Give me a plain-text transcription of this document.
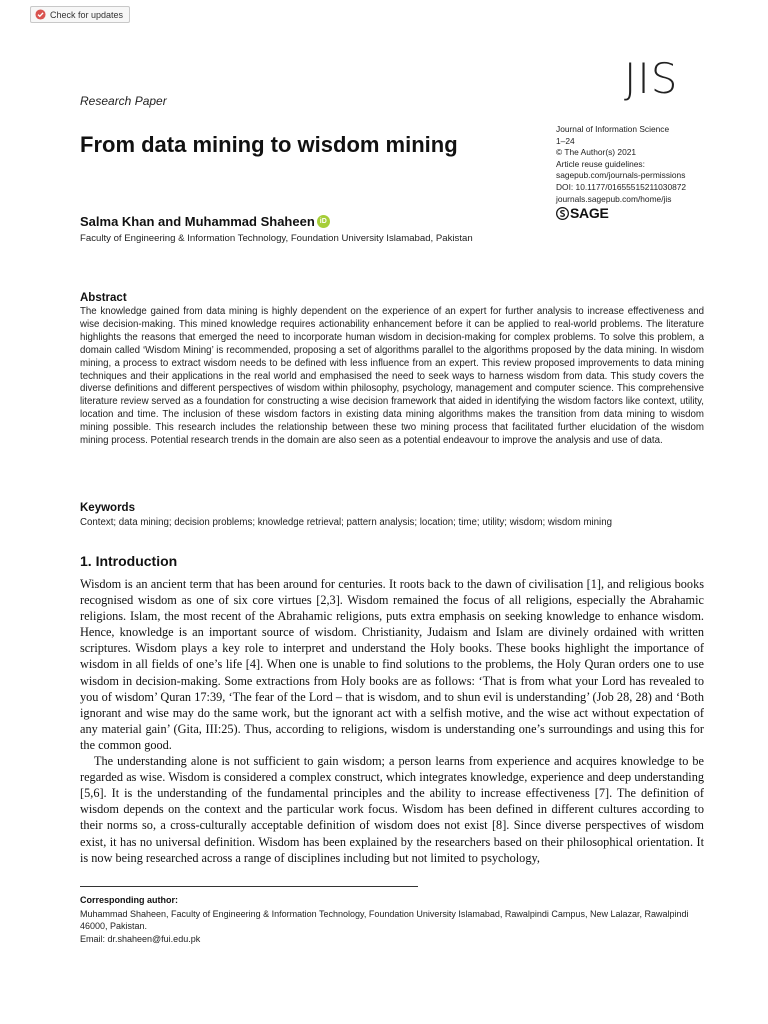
Check for updates
JIS
Research Paper
From data mining to wisdom mining
Journal of Information Science
1–24
© The Author(s) 2021
Article reuse guidelines:
sagepub.com/journals-permissions
DOI: 10.1177/01655515211030872
journals.sagepub.com/home/jis
SAGE
Salma Khan and Muhammad Shaheen iD
Faculty of Engineering & Information Technology, Foundation University Islamabad, Pakistan
Abstract
The knowledge gained from data mining is highly dependent on the experience of an expert for further analysis to increase effectiveness and wise decision-making. This mined knowledge requires actionability enhancement before it can be applied to real-world problems. The literature highlights the reasons that emerged the need to incorporate human wisdom in decision-making for complex problems. To solve this problem, a domain called ‘Wisdom Mining’ is recommended, proposing a set of algorithms parallel to the algorithms proposed by the data mining. In wisdom mining, a process to extract wisdom needs to be defined with less influence from an expert. This review proposed improvements to data mining techniques and their applications in the real world and emphasised the need to seek ways to harness wisdom from data. This study covers the diverse definitions and different perspectives of wisdom within philosophy, psychology, management and computer science. This comprehensive literature review served as a foundation for constructing a wise decision framework that aided in identifying the wisdom factors like context, utility, location and time. The inclusion of these wisdom factors in existing data mining algorithms makes the transition from data mining to wisdom mining possible. This research includes the relationship between these two mining process that facilitated further elucidation of the wisdom mining process. Potential research trends in the domain are also seen as a potential endeavour to improve the analysis and use of data.
Keywords
Context; data mining; decision problems; knowledge retrieval; pattern analysis; location; time; utility; wisdom; wisdom mining
1. Introduction

Wisdom is an ancient term that has been around for centuries. It roots back to the dawn of civilisation [1], and religious books recognised wisdom as one of six core virtues [2,3]. Wisdom remained the focus of all religions, especially the Abrahamic religions. Islam, the most recent of the Abrahamic religions, puts extra emphasis on seeking knowledge to enhance wisdom. Hence, knowledge is an important source of wisdom. Christianity, Judaism and Islam are divinely ordained with written scriptures. Wisdom plays a key role to interpret and understand the Holy books. These books highlight the importance of wisdom in all fields of one’s life [4]. When one is unable to find solutions to the problems, the Holy Quran orders one to use wisdom in decision-making. Some extractions from Holy books are as follows: ‘That is from what your Lord has revealed to you of wisdom’ Quran 17:39, ‘The fear of the Lord – that is wisdom, and to shun evil is understanding’ (Job 28, 28) and ‘Both ignorant and wise may do the same work, but the ignorant act with a selfish motive, and the wise act without expectation of any material gain’ (Gita, III:25). Thus, according to religions, wisdom is understanding one’s surroundings and using this for the common good.

The understanding alone is not sufficient to gain wisdom; a person learns from experience and acquires knowledge to be regarded as wise. Wisdom is considered a complex construct, which integrates knowledge, experience and deep understanding [5,6]. It is the understanding of the fundamental principles and the ability to increase effectiveness [7]. The definition of wisdom depends on the context and the particular work focus. Wisdom has been defined in different cultures according to their norms so, a cross-culturally acceptable definition of wisdom does not exist [8]. Since diverse perspectives of wisdom exist, it has no universal definition. Wisdom has been explained by the researchers based on their philosophical orientation. It is now being researched across a range of disciplines including but not limited to psychology,

Corresponding author:
Muhammad Shaheen, Faculty of Engineering & Information Technology, Foundation University Islamabad, Rawalpindi Campus, New Lalazar, Rawalpindi
46000, Pakistan.
Email: dr.shaheen@fui.edu.pk
